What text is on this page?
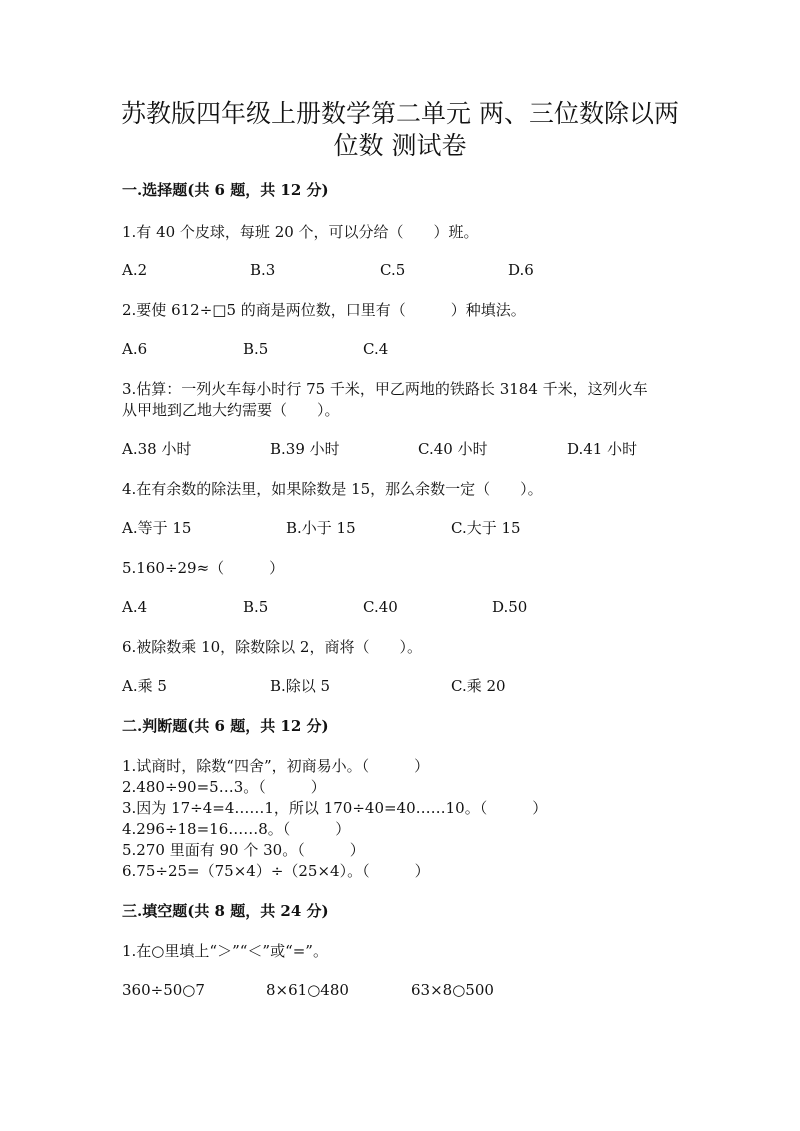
苏教版四年级上册数学第二单元 两、三位数除以两
位数 测试卷
一.选择题(共 6 题，共 12 分)
1.有 40 个皮球，每班 20 个，可以分给（　　）班。
A.2	B.3	C.5	D.6
2.要使 612÷□5 的商是两位数，口里有（　　　）种填法。
A.6	B.5	C.4
3.估算：一列火车每小时行 75 千米，甲乙两地的铁路长 3184 千米，这列火车
从甲地到乙地大约需要（　　）。
A.38 小时	B.39 小时	C.40 小时	D.41 小时
4.在有余数的除法里，如果除数是 15，那么余数一定（　　）。
A.等于 15	B.小于 15	C.大于 15
5.160÷29≈（　　　）
A.4	B.5	C.40	D.50
6.被除数乘 10，除数除以 2，商将（　　）。
A.乘 5	B.除以 5	C.乘 20
二.判断题(共 6 题，共 12 分)
1.试商时，除数“四舍”，初商易小。（　　　）
2.480÷90=5…3。（　　　）
3.因为 17÷4=4……1，所以 170÷40=40……10。（　　　）
4.296÷18=16……8。（　　　）
5.270 里面有 90 个 30。（　　　）
6.75÷25=（75×4）÷（25×4）。（　　　）
三.填空题(共 8 题，共 24 分)
1.在○里填上“＞”“＜”或“=”。
360÷50○7	8×61○480	63×8○500
